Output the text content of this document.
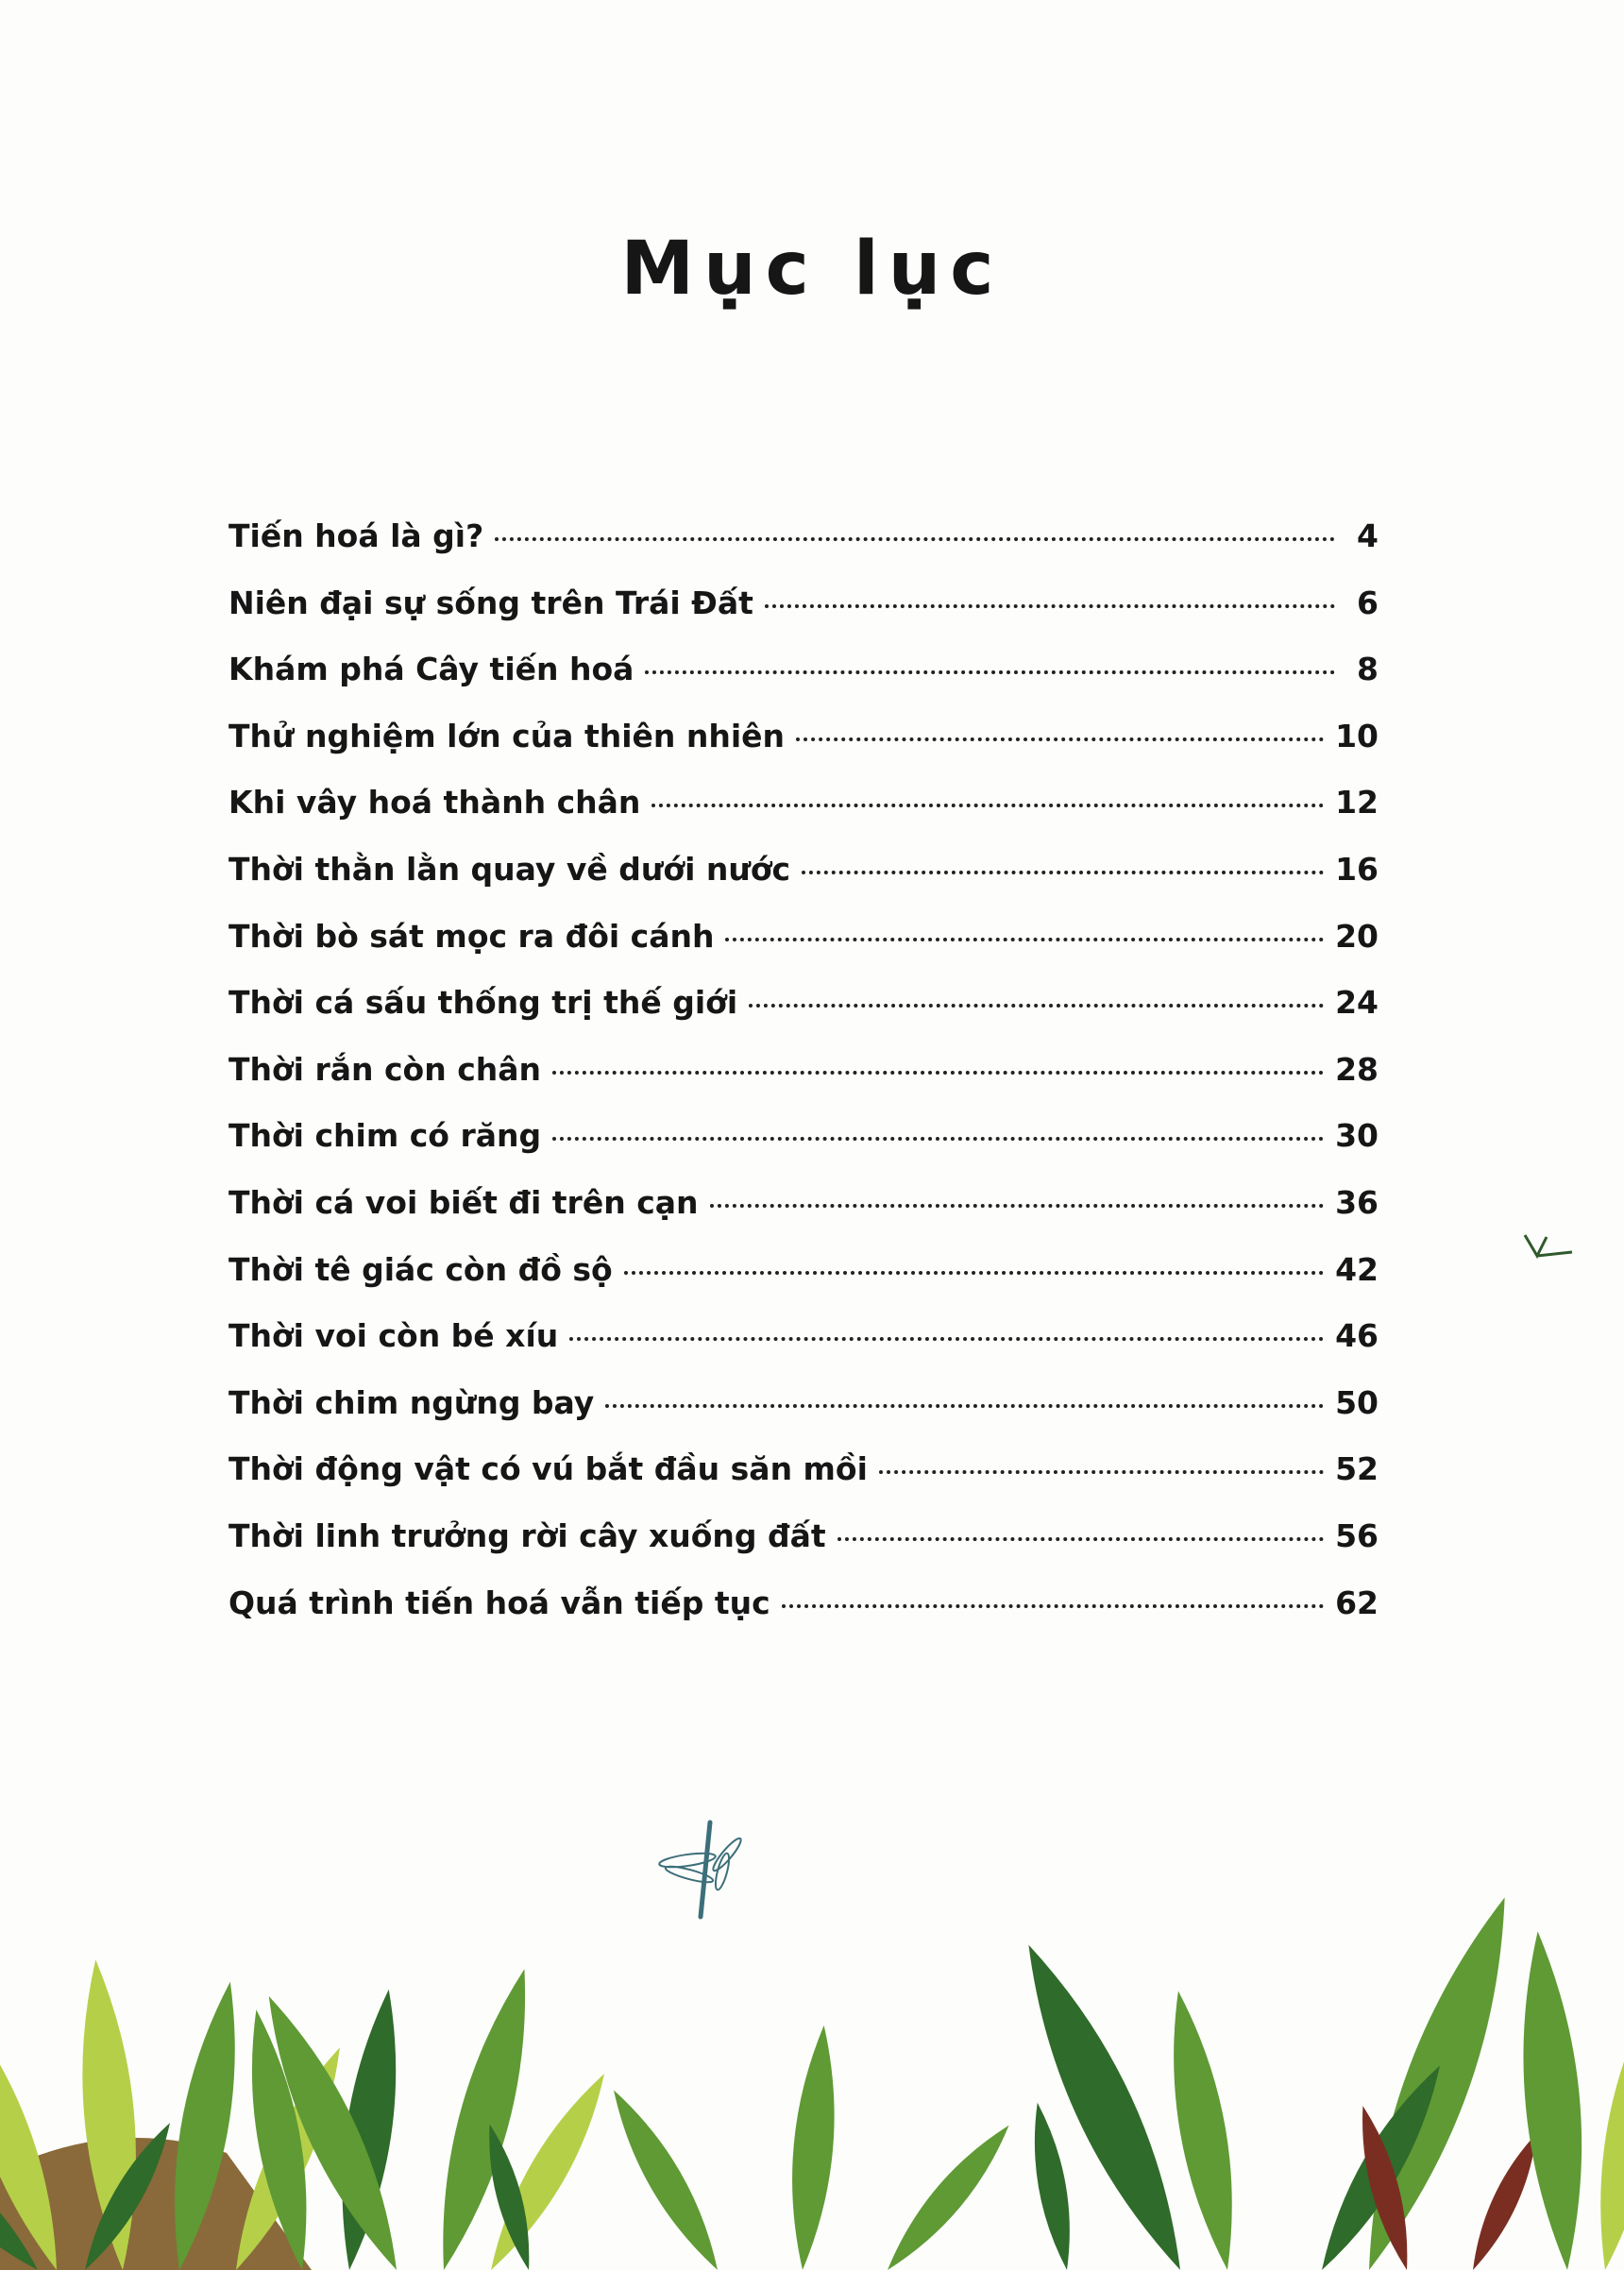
Mục lục
Tiến hoá là gì?	4
Niên đại sự sống trên Trái Đất	6
Khám phá Cây tiến hoá	8
Thử nghiệm lớn của thiên nhiên	10
Khi vây hoá thành chân	12
Thời thằn lằn quay về dưới nước	16
Thời bò sát mọc ra đôi cánh	20
Thời cá sấu thống trị thế giới	24
Thời rắn còn chân	28
Thời chim có răng	30
Thời cá voi biết đi trên cạn	36
Thời tê giác còn đồ sộ	42
Thời voi còn bé xíu	46
Thời chim ngừng bay	50
Thời động vật có vú bắt đầu săn mồi	52
Thời linh trưởng rời cây xuống đất	56
Quá trình tiến hoá vẫn tiếp tục	62
